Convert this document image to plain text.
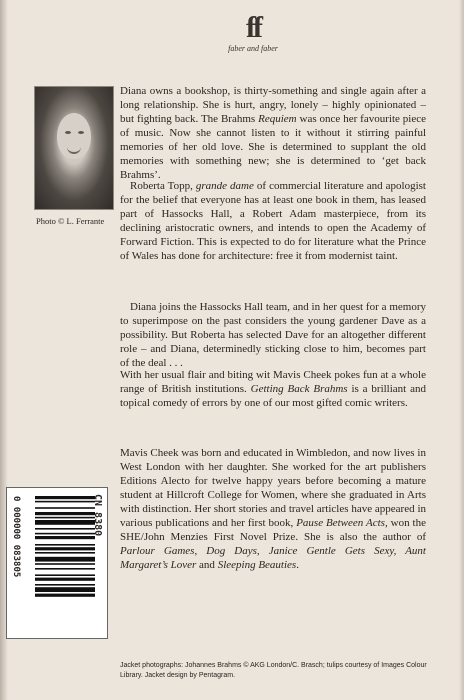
ff
faber and faber
Photo © L. Ferrante

Diana owns a bookshop, is thirty-something and single again after a long relationship. She is hurt, angry, lonely – highly opinionated – but fighting back. The Brahms Requiem was once her favourite piece of music. Now she cannot listen to it without it stirring painful memories of her old love. She is determined to supplant the old memories with something new; she is determined to ‘get back Brahms’.

Roberta Topp, grande dame of commercial literature and apologist for the belief that everyone has at least one book in them, has leased part of Hassocks Hall, a Robert Adam masterpiece, from its declining aristocratic owners, and intends to open the Academy of Forward Fiction. This is expected to do for literature what the Prince of Wales has done for architecture: free it from modernist taint.

Diana joins the Hassocks Hall team, and in her quest for a memory to superimpose on the past considers the young gardener Dave as a possibility. But Roberta has selected Dave for an altogether different role – and Diana, determinedly sticking close to him, becomes part of the deal . . .

With her usual flair and biting wit Mavis Cheek pokes fun at a whole range of British institutions. Getting Back Brahms is a brilliant and topical comedy of errors by one of our most gifted comic writers.

Mavis Cheek was born and educated in Wimbledon, and now lives in West London with her daughter. She worked for the art publishers Editions Alecto for twelve happy years before becoming a mature student at Hillcroft College for Women, where she graduated in Arts with distinction. Her short stories and travel articles have appeared in various publications and her first book, Pause Between Acts, won the SHE/John Menzies First Novel Prize. She is also the author of Parlour Games, Dog Days, Janice Gentle Gets Sexy, Aunt Margaret’s Lover and Sleeping Beauties.

CN 8380
0 000000 083805
Jacket photographs: Johannes Brahms © AKG London/C. Brasch; tulips courtesy of Images Colour Library. Jacket design by Pentagram.
